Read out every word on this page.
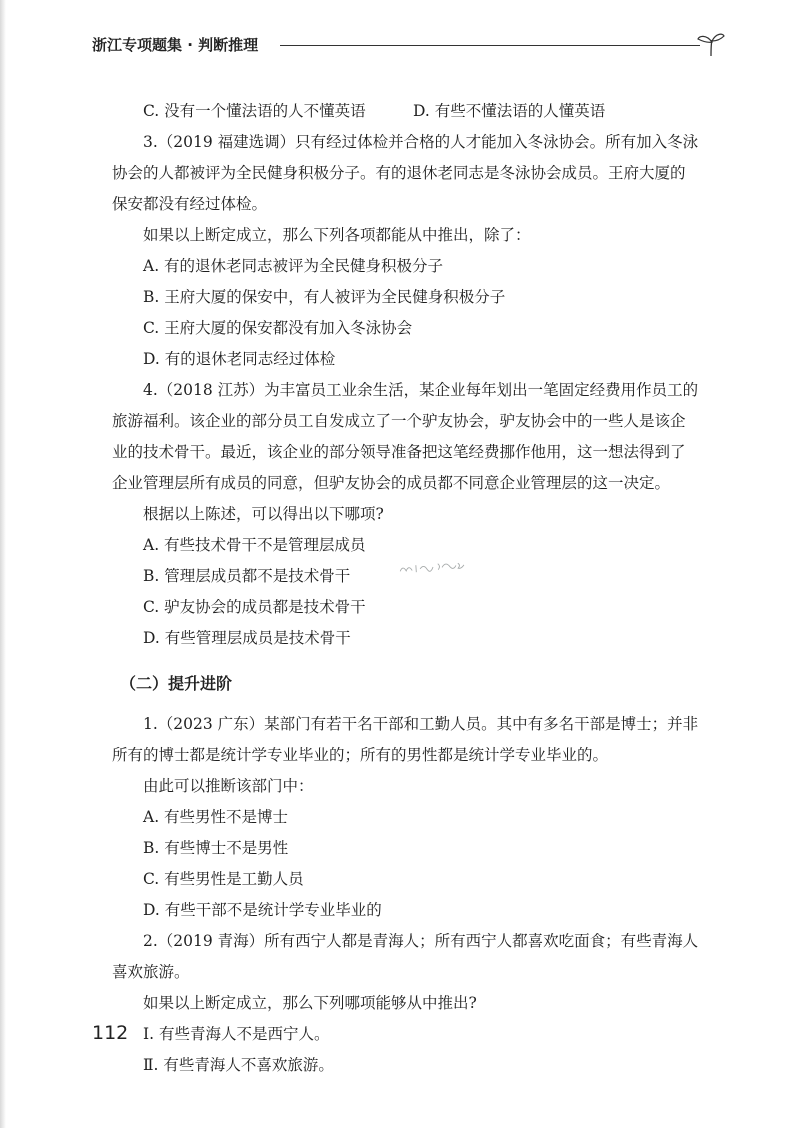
浙江专项题集 · 判断推理
C. 没有一个懂法语的人不懂英语	D. 有些不懂法语的人懂英语

3.（2019 福建选调）只有经过体检并合格的人才能加入冬泳协会。所有加入冬泳

协会的人都被评为全民健身积极分子。有的退休老同志是冬泳协会成员。王府大厦的

保安都没有经过体检。

如果以上断定成立，那么下列各项都能从中推出，除了：

A. 有的退休老同志被评为全民健身积极分子

B. 王府大厦的保安中，有人被评为全民健身积极分子

C. 王府大厦的保安都没有加入冬泳协会

D. 有的退休老同志经过体检

4.（2018 江苏）为丰富员工业余生活，某企业每年划出一笔固定经费用作员工的

旅游福利。该企业的部分员工自发成立了一个驴友协会，驴友协会中的一些人是该企

业的技术骨干。最近，该企业的部分领导准备把这笔经费挪作他用，这一想法得到了

企业管理层所有成员的同意，但驴友协会的成员都不同意企业管理层的这一决定。

根据以上陈述，可以得出以下哪项?

A. 有些技术骨干不是管理层成员

B. 管理层成员都不是技术骨干

C. 驴友协会的成员都是技术骨干

D. 有些管理层成员是技术骨干

（二）提升进阶

1.（2023 广东）某部门有若干名干部和工勤人员。其中有多名干部是博士；并非

所有的博士都是统计学专业毕业的；所有的男性都是统计学专业毕业的。

由此可以推断该部门中：

A. 有些男性不是博士

B. 有些博士不是男性

C. 有些男性是工勤人员

D. 有些干部不是统计学专业毕业的

2.（2019 青海）所有西宁人都是青海人；所有西宁人都喜欢吃面食；有些青海人

喜欢旅游。

如果以上断定成立，那么下列哪项能够从中推出?

Ⅰ. 有些青海人不是西宁人。

Ⅱ. 有些青海人不喜欢旅游。

112
